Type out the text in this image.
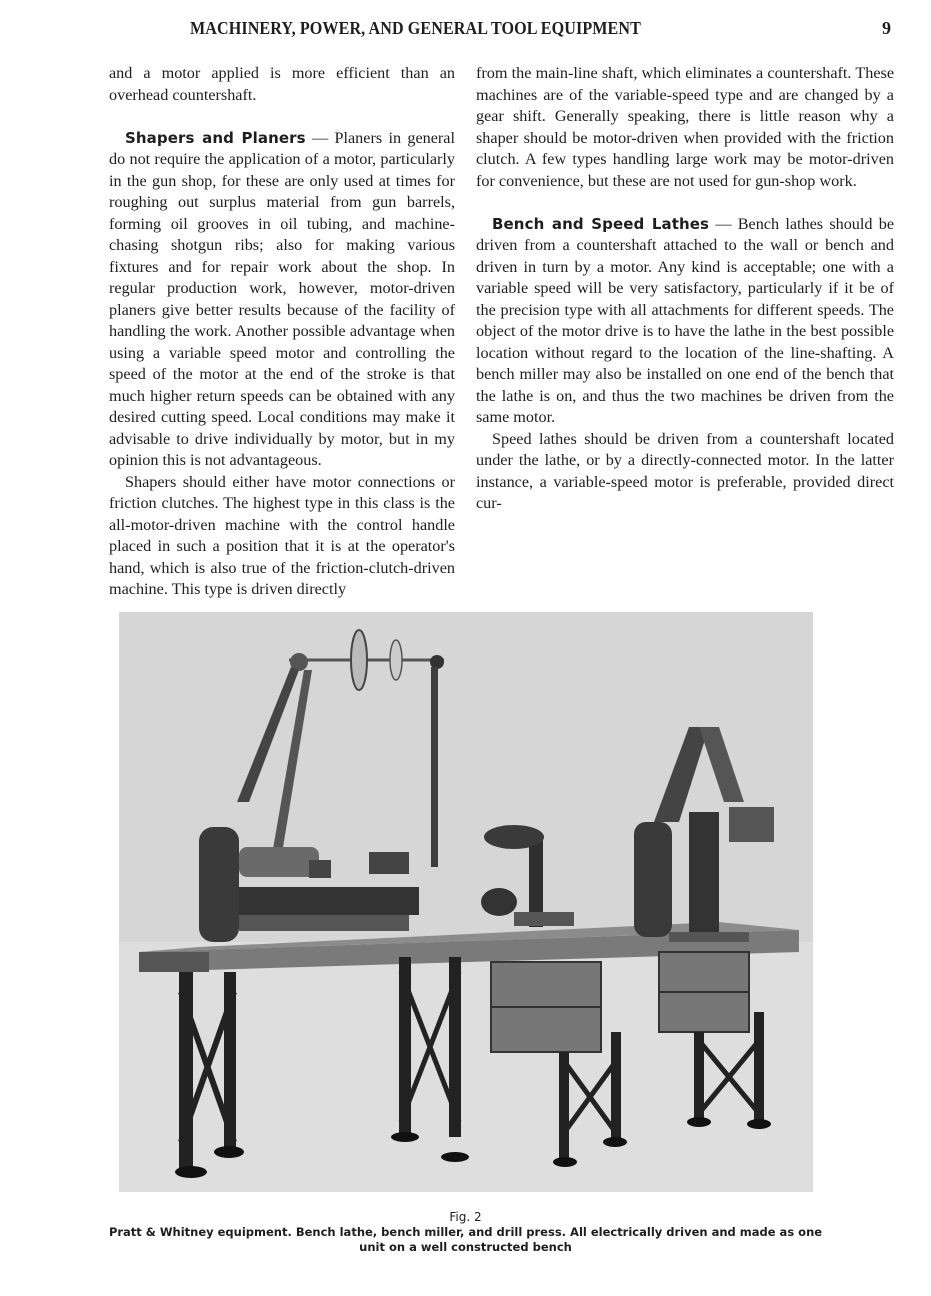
MACHINERY, POWER, AND GENERAL TOOL EQUIPMENT	9

and a motor applied is more efficient than an overhead countershaft.

Shapers and Planers — Planers in general do not require the application of a motor, particularly in the gun shop, for these are only used at times for roughing out surplus material from gun barrels, forming oil grooves in oil tubing, and machine-chasing shotgun ribs; also for making various fixtures and for repair work about the shop. In regular production work, however, motor-driven planers give better results because of the facility of handling the work. Another possible advantage when using a variable speed motor and controlling the speed of the motor at the end of the stroke is that much higher return speeds can be obtained with any desired cutting speed. Local conditions may make it advisable to drive individually by motor, but in my opinion this is not advantageous.

Shapers should either have motor connections or friction clutches. The highest type in this class is the all-motor-driven machine with the control handle placed in such a position that it is at the operator's hand, which is also true of the friction-clutch-driven machine. This type is driven directly

from the main-line shaft, which eliminates a countershaft. These machines are of the variable-speed type and are changed by a gear shift. Generally speaking, there is little reason why a shaper should be motor-driven when provided with the friction clutch. A few types handling large work may be motor-driven for convenience, but these are not used for gun-shop work.

Bench and Speed Lathes — Bench lathes should be driven from a countershaft attached to the wall or bench and driven in turn by a motor. Any kind is acceptable; one with a variable speed will be very satisfactory, particularly if it be of the precision type with all attachments for different speeds. The object of the motor drive is to have the lathe in the best possible location without regard to the location of the line-shafting. A bench miller may also be installed on one end of the bench that the lathe is on, and thus the two machines be driven from the same motor.

Speed lathes should be driven from a countershaft located under the lathe, or by a directly-connected motor. In the latter instance, a variable-speed motor is preferable, provided direct cur-

Fig. 2
Pratt & Whitney equipment. Bench lathe, bench miller, and drill press. All electrically driven and made as one unit on a well constructed bench
